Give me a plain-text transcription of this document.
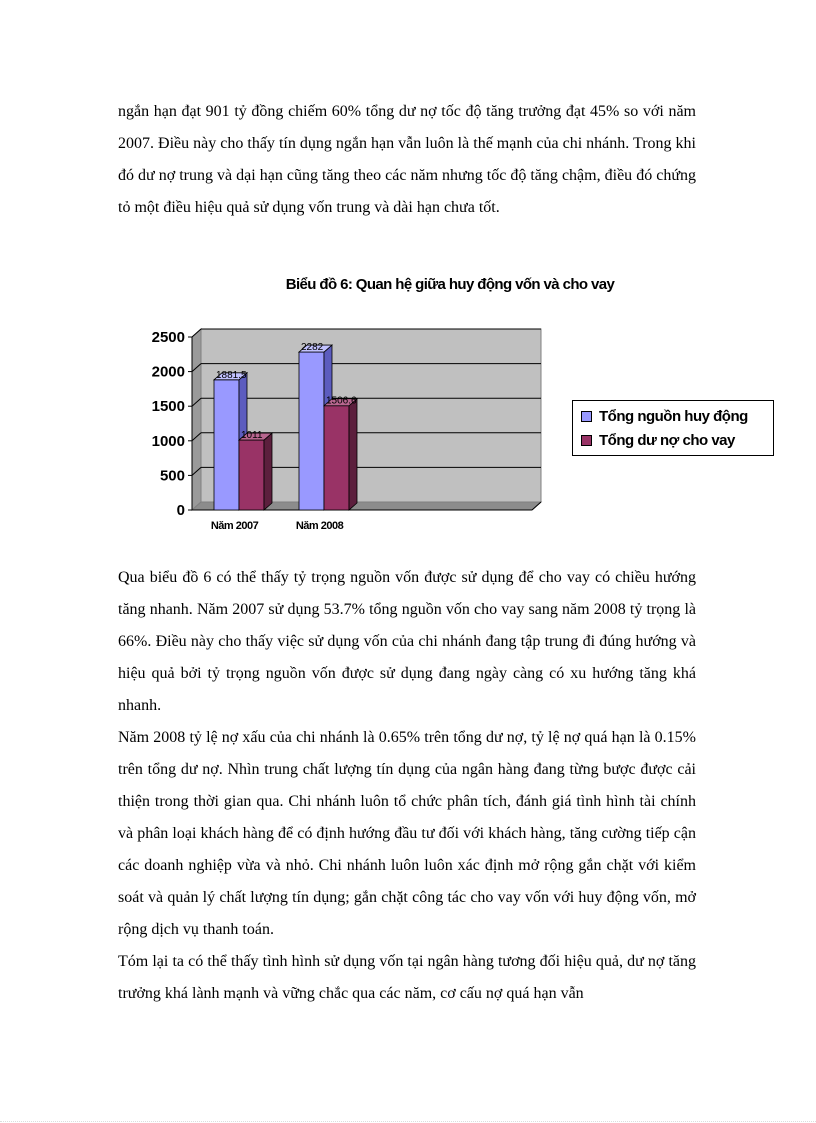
ngắn hạn đạt 901 tỷ đồng chiếm 60% tổng dư nợ tốc độ tăng trưởng đạt 45% so với năm 2007. Điều này cho thấy tín dụng ngắn hạn vẫn luôn là thế mạnh của chi nhánh. Trong khi đó dư nợ trung và dại hạn cũng tăng theo các năm nhưng tốc độ tăng chậm, điều đó chứng tỏ một điều hiệu quả sử dụng vốn trung và dài hạn chưa tốt.

Biểu đồ 6: Quan hệ giữa huy động vốn và cho vay
0
500
1000
1500
2000
2500
1881.5
1011
Năm 2007
2282
1506.6
Năm 2008
Tổng nguồn huy động
Tổng dư nợ cho vay

Qua biểu đồ 6 có thể thấy tỷ trọng nguồn vốn được sử dụng để cho vay có chiều hướng tăng nhanh. Năm 2007 sử dụng 53.7% tổng nguồn vốn cho vay sang năm 2008 tỷ trọng là 66%. Điều này cho thấy việc sử dụng vốn của chi nhánh đang tập trung đi đúng hướng và hiệu quả bởi tỷ trọng nguồn vốn được sử dụng đang ngày càng có xu hướng tăng khá nhanh.

Năm 2008 tỷ lệ nợ xấu của chi nhánh là 0.65% trên tổng dư nợ, tỷ lệ nợ quá hạn là 0.15% trên tổng dư nợ. Nhìn trung chất lượng tín dụng của ngân hàng đang từng bược được cải thiện trong thời gian qua. Chi nhánh luôn tổ chức phân tích, đánh giá tình hình tài chính và phân loại khách hàng để có định hướng đầu tư đối với khách hàng, tăng cường tiếp cận các doanh nghiệp vừa và nhỏ. Chi nhánh luôn luôn xác định mở rộng gắn chặt với kiểm soát và quản lý chất lượng tín dụng; gắn chặt công tác cho vay vốn với huy động vốn, mở rộng dịch vụ thanh toán.

Tóm lại ta có thể thấy tình hình sử dụng vốn tại ngân hàng tương đối hiệu quả, dư nợ tăng trưởng khá lành mạnh và vững chắc qua các năm, cơ cấu nợ quá hạn vẫn
